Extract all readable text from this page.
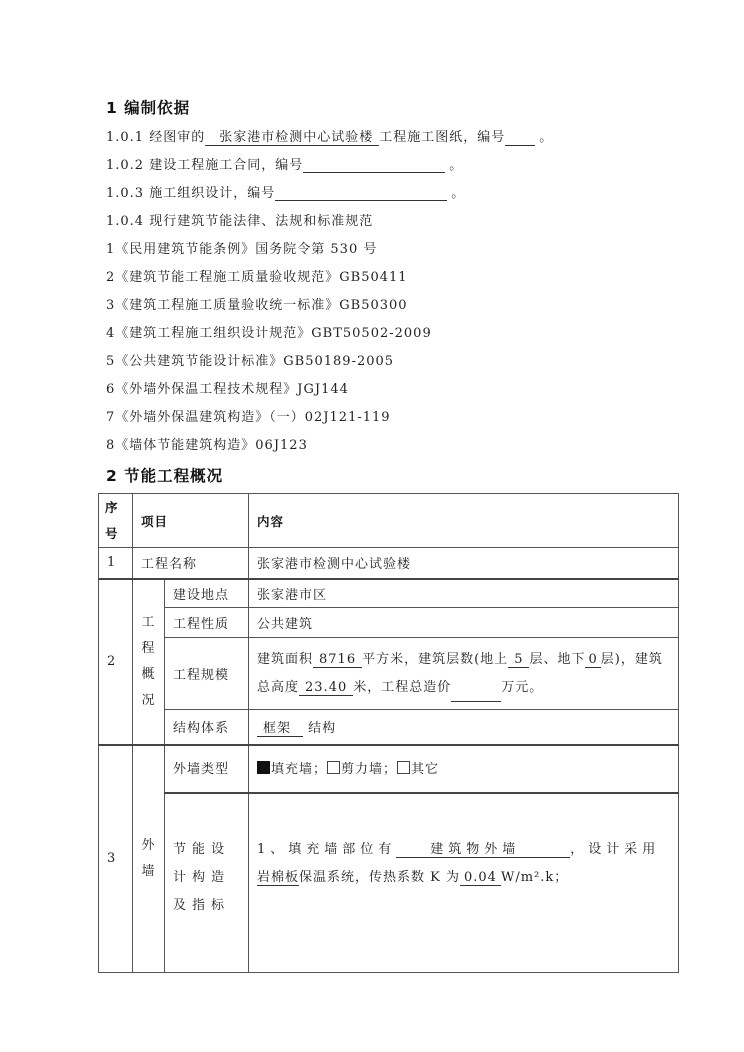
1 编制依据
1.0.1 经图审的 张家港市检测中心试验楼 工程施工图纸，编号	。
1.0.2 建设工程施工合同，编号	。
1.0.3 施工组织设计，编号	。
1.0.4 现行建筑节能法律、法规和标准规范
1《民用建筑节能条例》国务院令第 530 号
2《建筑节能工程施工质量验收规范》GB50411
3《建筑工程施工质量验收统一标准》GB50300
4《建筑工程施工组织设计规范》GBT50502-2009
5《公共建筑节能设计标准》GB50189-2005
6《外墙外保温工程技术规程》JGJ144
7《外墙外保温建筑构造》（一）02J121-119
8《墙体节能建筑构造》06J123
2 节能工程概况
序号	项目		内容
1	工程名称		张家港市检测中心试验楼
2	工程概况	建设地点	张家港市区
		工程性质	公共建筑
		工程规模	建筑面积 8716 平方米，建筑层数(地上 5 层、地下 0 层)，建筑总高度 23.40 米，工程总造价 万元。
		结构体系	框架 结构
3	外墙	外墙类型	填充墙； 剪力墙； 其它
		节能设计构造及指标	1、填充墙部位有 建筑物外墙 ，设计采用
岩棉板保温系统，传热系数 K 为 0.04 W/m².k；
